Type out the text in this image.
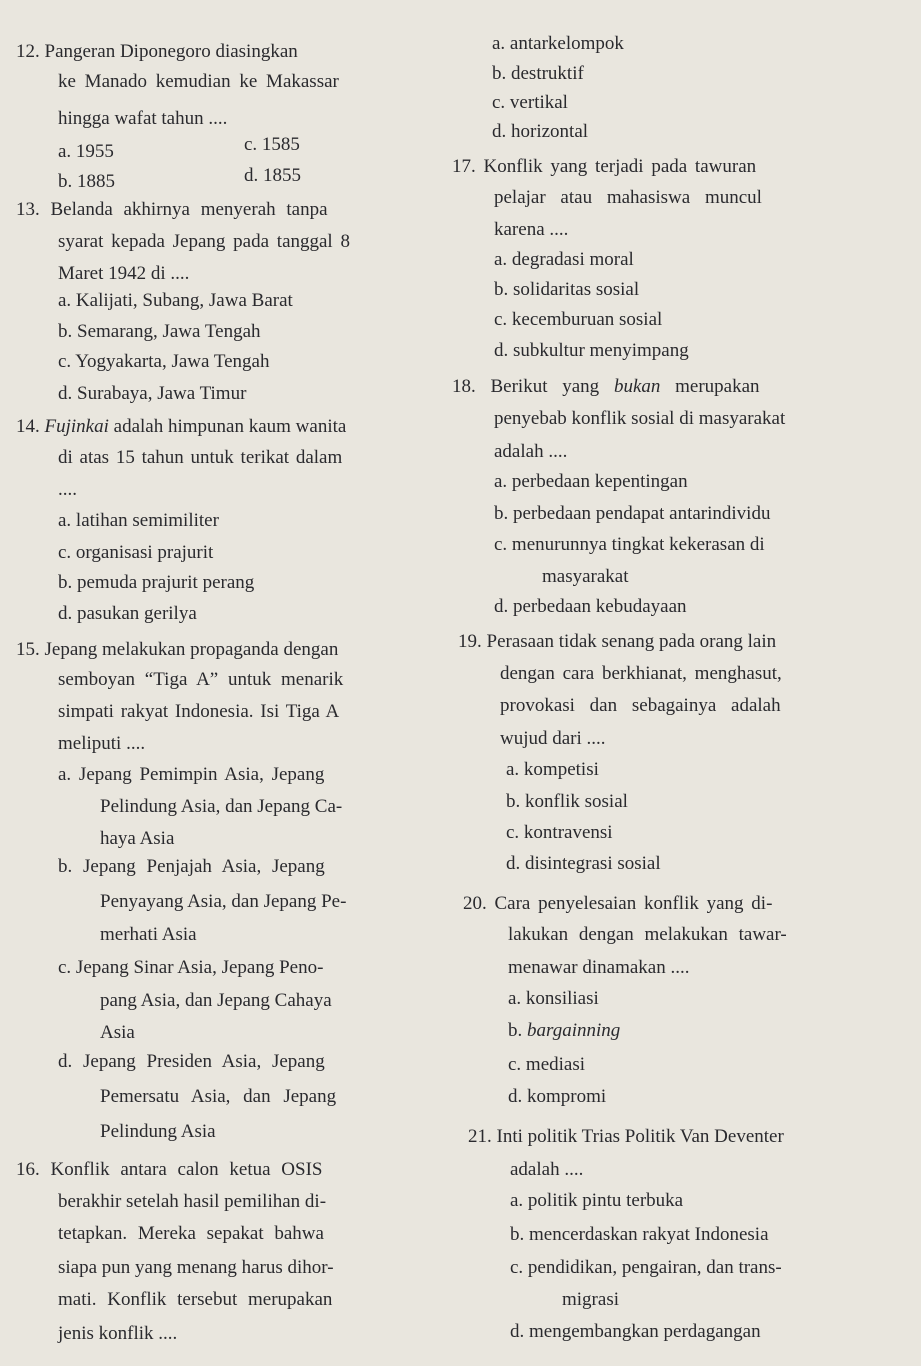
12. Pangeran Diponegoro diasingkan
ke Manado kemudian ke Makassar
hingga wafat tahun ....
a. 1955	c. 1585
b. 1885	d. 1855
13. Belanda akhirnya menyerah tanpa
syarat kepada Jepang pada tanggal 8
Maret 1942 di ....
a. Kalijati, Subang, Jawa Barat
b. Semarang, Jawa Tengah
c. Yogyakarta, Jawa Tengah
d. Surabaya, Jawa Timur
14. Fujinkai adalah himpunan kaum wanita
di atas 15 tahun untuk terikat dalam
....
a. latihan semimiliter
c. organisasi prajurit
b. pemuda prajurit perang
d. pasukan gerilya
15. Jepang melakukan propaganda dengan
semboyan “Tiga A” untuk menarik
simpati rakyat Indonesia. Isi Tiga A
meliputi ....
a. Jepang Pemimpin Asia, Jepang
Pelindung Asia, dan Jepang Ca-
haya Asia
b. Jepang Penjajah Asia, Jepang
Penyayang Asia, dan Jepang Pe-
merhati Asia
c. Jepang Sinar Asia, Jepang Peno-
pang Asia, dan Jepang Cahaya
Asia
d. Jepang Presiden Asia, Jepang
Pemersatu Asia, dan Jepang
Pelindung Asia
16. Konflik antara calon ketua OSIS
berakhir setelah hasil pemilihan di-
tetapkan. Mereka sepakat bahwa
siapa pun yang menang harus dihor-
mati. Konflik tersebut merupakan
jenis konflik ....
a. antarkelompok
b. destruktif
c. vertikal
d. horizontal
17. Konflik yang terjadi pada tawuran
pelajar atau mahasiswa muncul
karena ....
a. degradasi moral
b. solidaritas sosial
c. kecemburuan sosial
d. subkultur menyimpang
18. Berikut yang bukan merupakan
penyebab konflik sosial di masyarakat
adalah ....
a. perbedaan kepentingan
b. perbedaan pendapat antarindividu
c. menurunnya tingkat kekerasan di
masyarakat
d. perbedaan kebudayaan
19. Perasaan tidak senang pada orang lain
dengan cara berkhianat, menghasut,
provokasi dan sebagainya adalah
wujud dari ....
a. kompetisi
b. konflik sosial
c. kontravensi
d. disintegrasi sosial
20. Cara penyelesaian konflik yang di-
lakukan dengan melakukan tawar-
menawar dinamakan ....
a. konsiliasi
b. bargainning
c. mediasi
d. kompromi
21. Inti politik Trias Politik Van Deventer
adalah ....
a. politik pintu terbuka
b. mencerdaskan rakyat Indonesia
c. pendidikan, pengairan, dan trans-
migrasi
d. mengembangkan perdagangan
